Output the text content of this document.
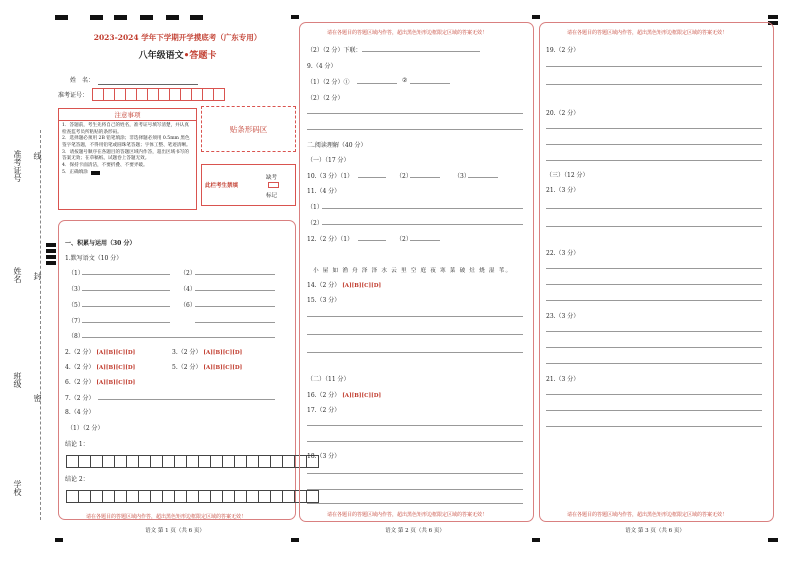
准考证号 线
姓名 封
班级
密
学校
2023-2024 学年下学期开学摸底考（广东专用）
八年级语文•答题卡
姓　名：
准考证号：
注意事项
1．答题前，考生先将自己的姓名，准考证号填写清楚，并认真检查监考员所粘贴的条形码。
2．选择题必须用 2B 铅笔填涂；非选择题必须用 0.5mm 黑色签字笔答题，不得用铅笔或圆珠笔答题；字体工整、笔迹清晰。
3．请按题号顺序在各题目的答题区域内作答，超出区域书写的答案无效；在草稿纸、试题卷上答题无效。
4．保持卡面清洁，不要折叠、不要弄破。
5．正确填涂
贴条形码区
此栏考生禁填
缺考
标记
一、积累与运用（30 分）
1.默写语文（10 分）
（1）	（2）
（3）	（4）
（5）	（6）
（7）
（8）
2.（2 分） [A][B][C][D]	3.（2 分） [A][B][C][D]
4.（2 分） [A][B][C][D]	5.（2 分） [A][B][C][D]
6.（2 分） [A][B][C][D]
7.（2 分）
8.（4 分）
（1）（2 分）
结论 1：
结论 2：
请在各题目的答题区域内作答，超出黑色矩形边框限定区域的答案无效！
语文 第 1 页（共 6 页）
请在各题目的答题区域内作答，超出黑色矩形边框限定区域的答案无效！
请在各题目的答题区域内作答，超出黑色矩形边框限定区域的答案无效！
（2）（2 分）下联：
9.（4 分）
（1）（2 分）①	②
（2）（2 分）
二.阅读理解（40 分）
（一）（17 分）
10.（3 分）（1）	（2）	（3）
11.（4 分）
（1）
（2）
12.（2 分）（1）	（2）
小 屋 如 渔 舟 泽 泽 水 云 里 空 庭 夜 寒 菜 破 灶 烧 湿 苇。
14.（2 分） [A][B][C][D]
15.（3 分）
（二）（11 分）
16.（2 分） [A][B][C][D]
17.（2 分）
18.（3 分）
语文 第 2 页（共 6 页）
请在各题目的答题区域内作答，超出黑色矩形边框限定区域的答案无效！
请在各题目的答题区域内作答，超出黑色矩形边框限定区域的答案无效！
19.（2 分）
20.（2 分）
（三）（12 分）
21.（3 分）
22.（3 分）
23.（3 分）
21.（3 分）
语文 第 3 页（共 6 页）
